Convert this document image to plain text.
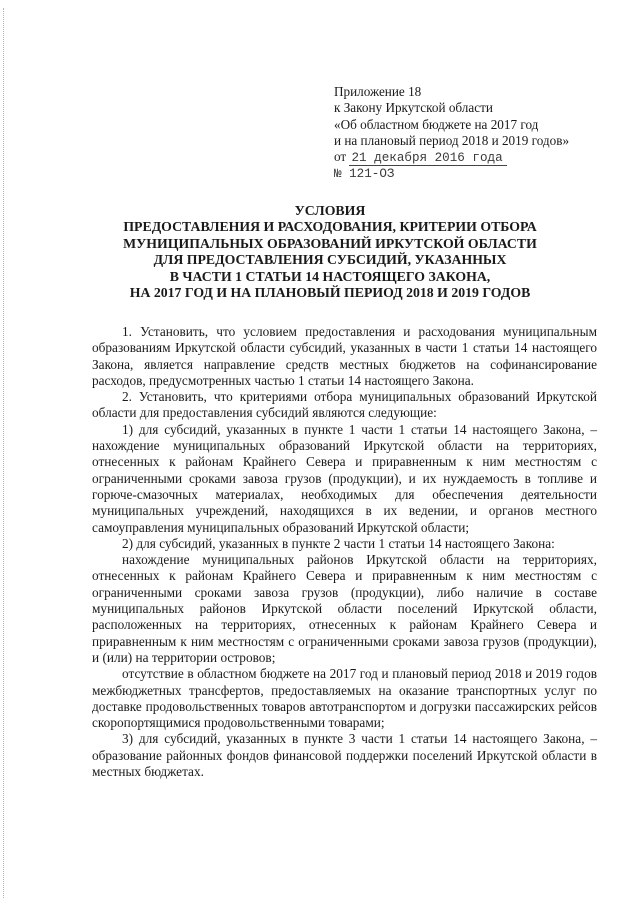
Приложение 18
к Закону Иркутской области
«Об областном бюджете на 2017 год
и на плановый период 2018 и 2019 годов»
от 21 декабря 2016 года
№ 121-ОЗ
УСЛОВИЯ
ПРЕДОСТАВЛЕНИЯ И РАСХОДОВАНИЯ, КРИТЕРИИ ОТБОРА
МУНИЦИПАЛЬНЫХ ОБРАЗОВАНИЙ ИРКУТСКОЙ ОБЛАСТИ
ДЛЯ ПРЕДОСТАВЛЕНИЯ СУБСИДИЙ, УКАЗАННЫХ
В ЧАСТИ 1 СТАТЬИ 14 НАСТОЯЩЕГО ЗАКОНА,
НА 2017 ГОД И НА ПЛАНОВЫЙ ПЕРИОД 2018 И 2019 ГОДОВ

1. Установить, что условием предоставления и расходования муниципальным образованиям Иркутской области субсидий, указанных в части 1 статьи 14 настоящего Закона, является направление средств местных бюджетов на софинансирование расходов, предусмотренных частью 1 статьи 14 настоящего Закона.

2. Установить, что критериями отбора муниципальных образований Иркутской области для предоставления субсидий являются следующие:

1) для субсидий, указанных в пункте 1 части 1 статьи 14 настоящего Закона, – нахождение муниципальных образований Иркутской области на территориях, отнесенных к районам Крайнего Севера и приравненным к ним местностям с ограниченными сроками завоза грузов (продукции), и их нуждаемость в топливе и горюче-смазочных материалах, необходимых для обеспечения деятельности муниципальных учреждений, находящихся в их ведении, и органов местного самоуправления муниципальных образований Иркутской области;

2) для субсидий, указанных в пункте 2 части 1 статьи 14 настоящего Закона:

нахождение муниципальных районов Иркутской области на территориях, отнесенных к районам Крайнего Севера и приравненным к ним местностям с ограниченными сроками завоза грузов (продукции), либо наличие в составе муниципальных районов Иркутской области поселений Иркутской области, расположенных на территориях, отнесенных к районам Крайнего Севера и приравненным к ним местностям с ограниченными сроками завоза грузов (продукции), и (или) на территории островов;

отсутствие в областном бюджете на 2017 год и плановый период 2018 и 2019 годов межбюджетных трансфертов, предоставляемых на оказание транспортных услуг по доставке продовольственных товаров автотранспортом и догрузки пассажирских рейсов скоропортящимися продовольственными товарами;

3) для субсидий, указанных в пункте 3 части 1 статьи 14 настоящего Закона, – образование районных фондов финансовой поддержки поселений Иркутской области в местных бюджетах.
